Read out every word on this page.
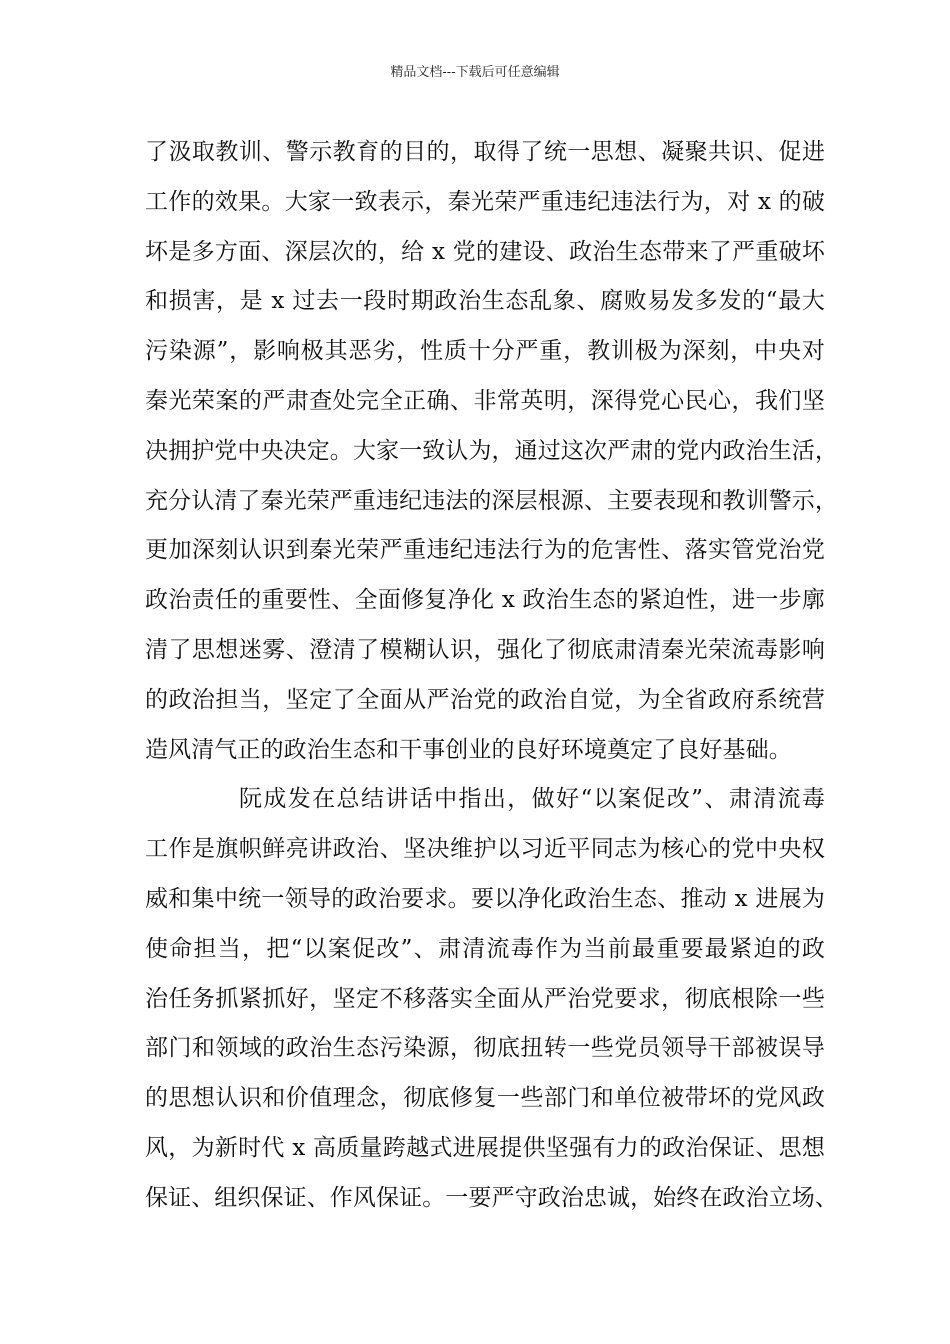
精品文档---下载后可任意编辑
了汲取教训、警示教育的目的，取得了统一思想、凝聚共识、促进
工作的效果。大家一致表示，秦光荣严重违纪违法行为，对 x 的破
坏是多方面、深层次的，给 x 党的建设、政治生态带来了严重破坏
和损害，是 x 过去一段时期政治生态乱象、腐败易发多发的“最大
污染源”，影响极其恶劣，性质十分严重，教训极为深刻，中央对
秦光荣案的严肃查处完全正确、非常英明，深得党心民心，我们坚
决拥护党中央决定。大家一致认为，通过这次严肃的党内政治生活，
充分认清了秦光荣严重违纪违法的深层根源、主要表现和教训警示，
更加深刻认识到秦光荣严重违纪违法行为的危害性、落实管党治党
政治责任的重要性、全面修复净化 x 政治生态的紧迫性，进一步廓
清了思想迷雾、澄清了模糊认识，强化了彻底肃清秦光荣流毒影响
的政治担当，坚定了全面从严治党的政治自觉，为全省政府系统营
造风清气正的政治生态和干事创业的良好环境奠定了良好基础。
阮成发在总结讲话中指出，做好“以案促改”、肃清流毒
工作是旗帜鲜亮讲政治、坚决维护以习近平同志为核心的党中央权
威和集中统一领导的政治要求。要以净化政治生态、推动 x 进展为
使命担当，把“以案促改”、肃清流毒作为当前最重要最紧迫的政
治任务抓紧抓好，坚定不移落实全面从严治党要求，彻底根除一些
部门和领域的政治生态污染源，彻底扭转一些党员领导干部被误导
的思想认识和价值理念，彻底修复一些部门和单位被带坏的党风政
风，为新时代 x 高质量跨越式进展提供坚强有力的政治保证、思想
保证、组织保证、作风保证。一要严守政治忠诚，始终在政治立场、
